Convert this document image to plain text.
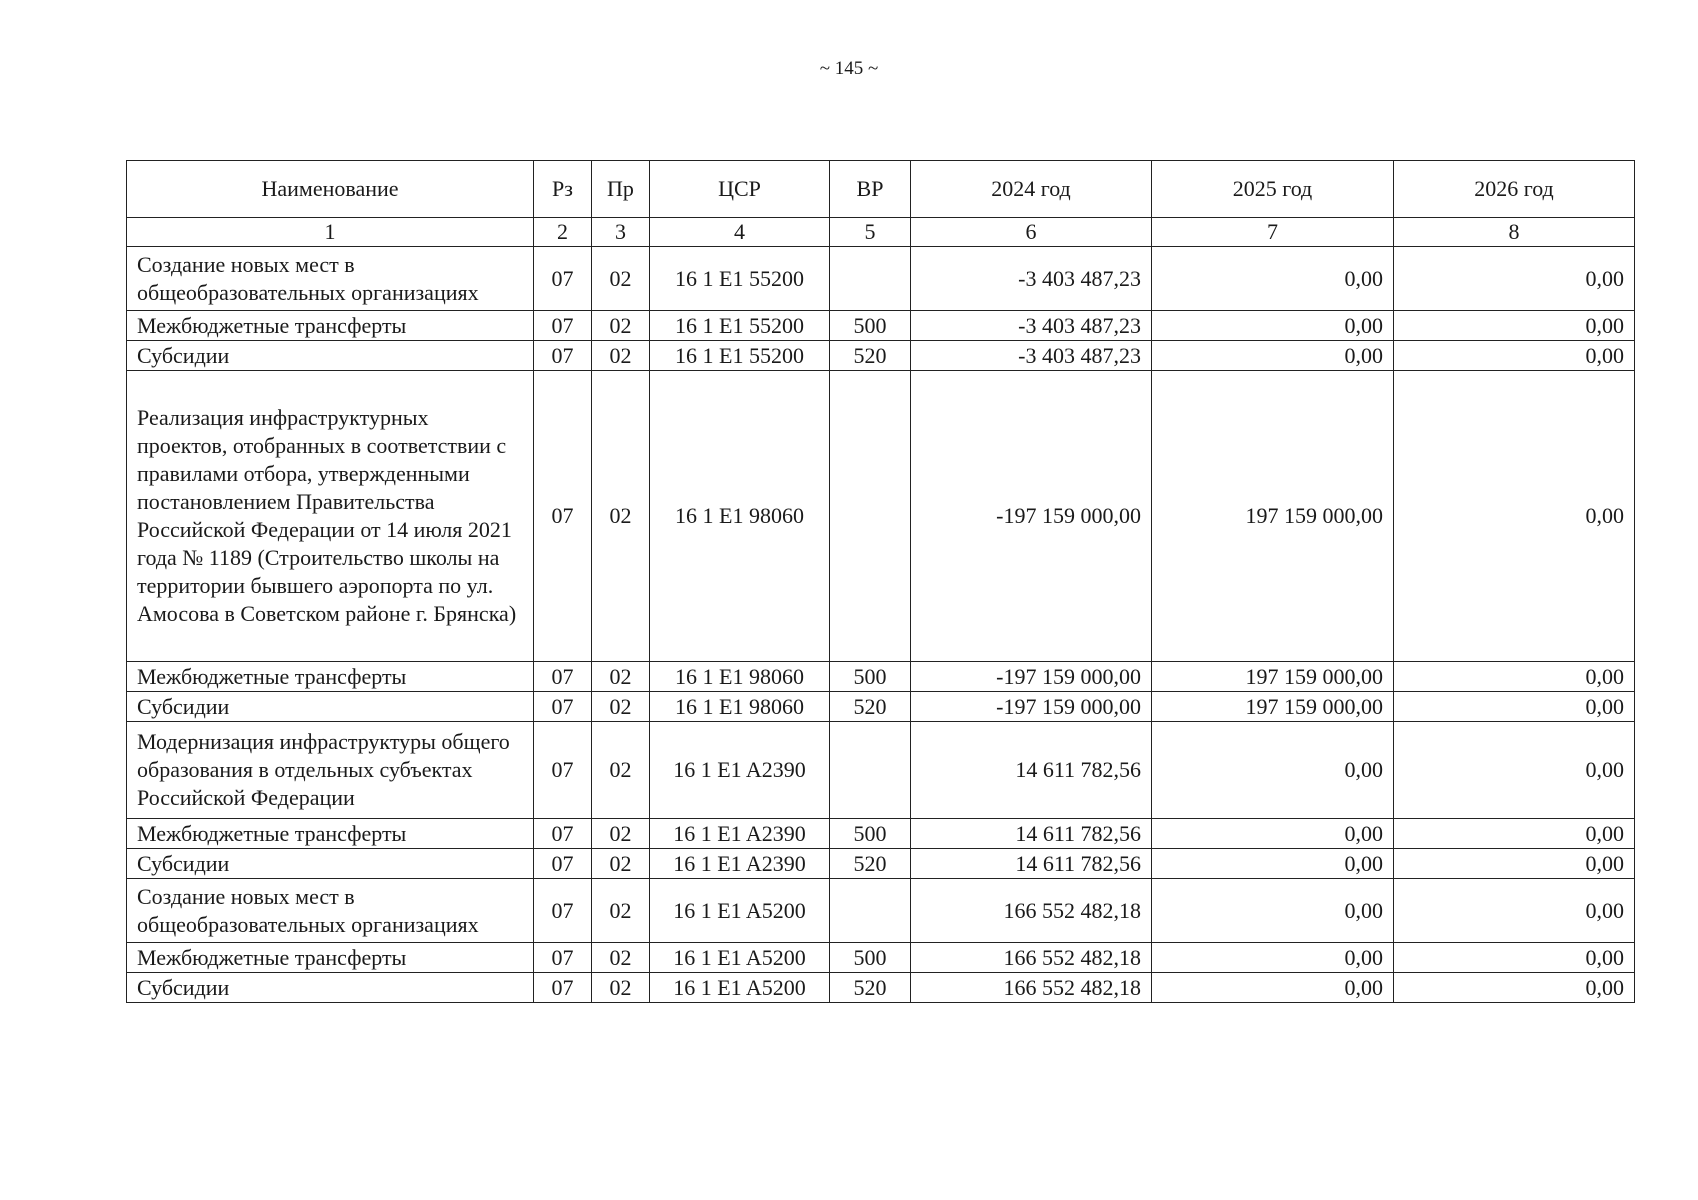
~ 145 ~
Наименование	Рз	Пр	ЦСР	ВР	2024 год	2025 год	2026 год
1	2	3	4	5	6	7	8
Создание новых мест в общеобразовательных организациях	07	02	16 1 E1 55200		-3 403 487,23	0,00	0,00
Межбюджетные трансферты	07	02	16 1 E1 55200	500	-3 403 487,23	0,00	0,00
Субсидии	07	02	16 1 E1 55200	520	-3 403 487,23	0,00	0,00
Реализация инфраструктурных проектов, отобранных в соответствии с правилами отбора, утвержденными постановлением Правительства Российской Федерации от 14 июля 2021 года № 1189 (Строительство школы на территории бывшего аэропорта по ул. Амосова в Советском районе г. Брянска)	07	02	16 1 E1 98060		-197 159 000,00	197 159 000,00	0,00
Межбюджетные трансферты	07	02	16 1 E1 98060	500	-197 159 000,00	197 159 000,00	0,00
Субсидии	07	02	16 1 E1 98060	520	-197 159 000,00	197 159 000,00	0,00
Модернизация инфраструктуры общего образования в отдельных субъектах Российской Федерации	07	02	16 1 E1 A2390		14 611 782,56	0,00	0,00
Межбюджетные трансферты	07	02	16 1 E1 A2390	500	14 611 782,56	0,00	0,00
Субсидии	07	02	16 1 E1 A2390	520	14 611 782,56	0,00	0,00
Создание новых мест в общеобразовательных организациях	07	02	16 1 E1 A5200		166 552 482,18	0,00	0,00
Межбюджетные трансферты	07	02	16 1 E1 A5200	500	166 552 482,18	0,00	0,00
Субсидии	07	02	16 1 E1 A5200	520	166 552 482,18	0,00	0,00
